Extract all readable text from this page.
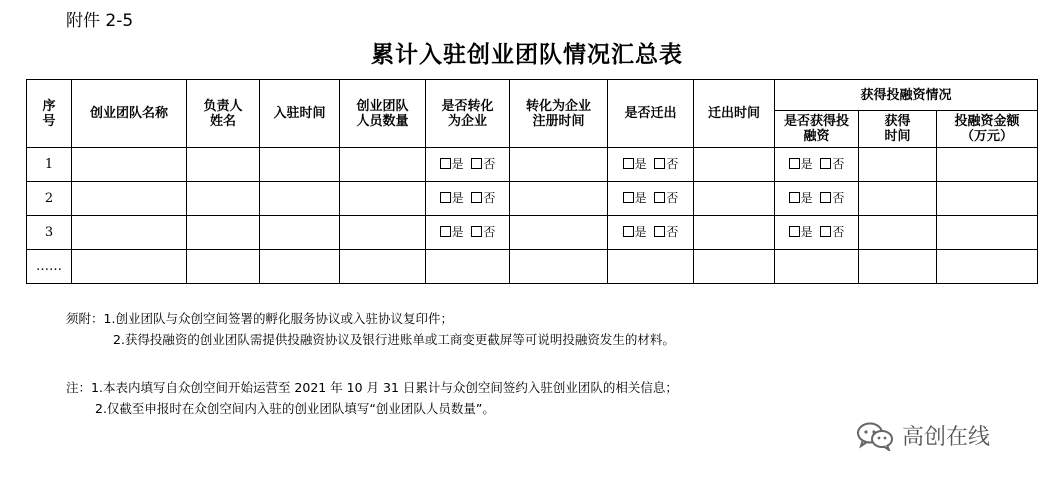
附件 2-5
累计入驻创业团队情况汇总表
序号	创业团队名称	负责人姓名	入驻时间	创业团队人员数量	是否转化为企业	转化为企业注册时间	是否迁出	迁出时间	获得投融资情况		

									是否获得投融资	获得时间	投融资金额（万元）

1					是 否		是 否		是 否		
2					是 否		是 否		是 否		
3					是 否		是 否		是 否		
……											
须附：1.创业团队与众创空间签署的孵化服务协议或入驻协议复印件；
2.获得投融资的创业团队需提供投融资协议及银行进账单或工商变更截屏等可说明投融资发生的材料。
注：1.本表内填写自众创空间开始运营至 2021 年 10 月 31 日累计与众创空间签约入驻创业团队的相关信息；
2.仅截至申报时在众创空间内入驻的创业团队填写“创业团队人员数量”。
高创在线
